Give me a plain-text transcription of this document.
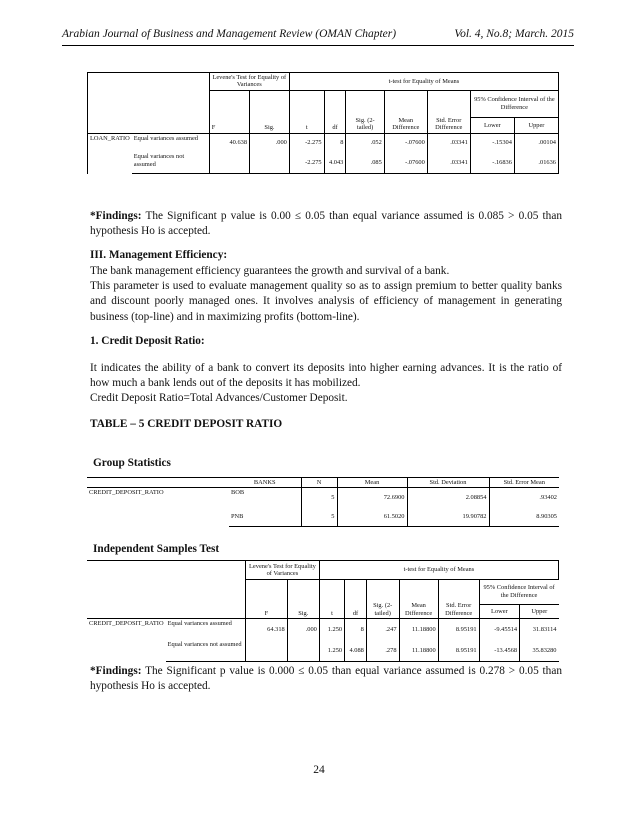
Arabian Journal of Business and Management Review (OMAN Chapter)	Vol. 4, No.8; March. 2015
		Levene's Test for Equality of Variances		t-test for Equality of Means						
		F	Sig.	t	df	Sig. (2-tailed)	Mean Difference	Std. Error Difference	95% Confidence Interval of the Difference	
									Lower	Upper
LOAN_RATIO	Equal variances assumed	40.638	.000	-2.275	8	.052	-.07600	.03341	-.15304	.00104
	Equal variances not assumed			-2.275	4.043	.085	-.07600	.03341	-.16836	.01636
*Findings: The Significant p value is 0.00 ≤ 0.05 than equal variance assumed is 0.085 > 0.05 than hypothesis Ho is accepted.
III. Management Efficiency:
The bank management efficiency guarantees the growth and survival of a bank.
This parameter is used to evaluate management quality so as to assign premium to better quality banks and discount poorly managed ones. It involves analysis of efficiency of management in generating business (top-line) and in maximizing profits (bottom-line).
1. Credit Deposit Ratio:
It indicates the ability of a bank to convert its deposits into higher earning advances. It is the ratio of how much a bank lends out of the deposits it has mobilized.
Credit Deposit Ratio=Total Advances/Customer Deposit.
TABLE – 5 CREDIT DEPOSIT RATIO
Group Statistics
	BANKS	N	Mean	Std. Deviation	Std. Error Mean
CREDIT_DEPOSIT_RATIO	BOB	5	72.6900	2.08854	.93402
	PNB	5	61.5020	19.90782	8.90305
Independent Samples Test
		Levene's Test for Equality of Variances		t-test for Equality of Means						
		F	Sig.	t	df	Sig. (2-tailed)	Mean Difference	Std. Error Difference	95% Confidence Interval of the Difference	
									Lower	Upper
CREDIT_DEPOSIT_RATIO	Equal variances assumed	64.318	.000	1.250	8	.247	11.18800	8.95191	-9.45514	31.83114
	Equal variances not assumed			1.250	4.088	.278	11.18800	8.95191	-13.4568	35.83280
*Findings: The Significant p value is 0.000 ≤ 0.05 than equal variance assumed is 0.278 > 0.05 than hypothesis Ho is accepted.
24
